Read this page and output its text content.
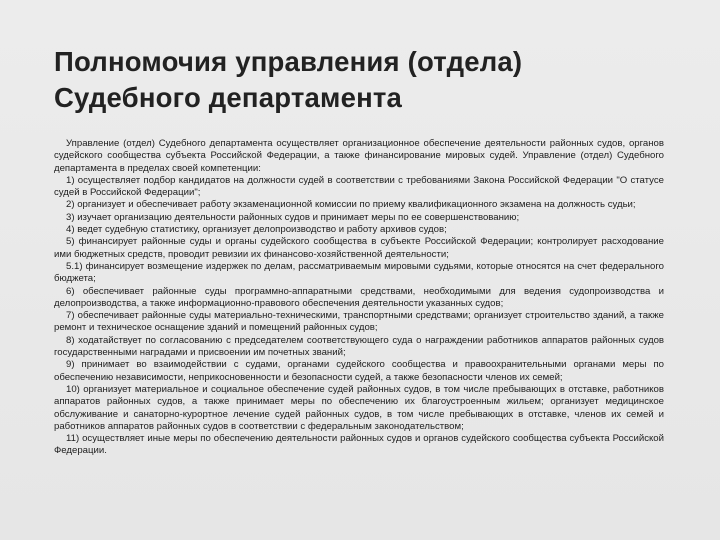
Полномочия управления (отдела)
Судебного департамента

Управление (отдел) Судебного департамента осуществляет организационное обеспечение деятельности районных судов, органов судейского сообщества субъекта Российской Федерации, а также финансирование мировых судей. Управление (отдел) Судебного департамента в пределах своей компетенции:

1) осуществляет подбор кандидатов на должности судей в соответствии с требованиями Закона Российской Федерации "О статусе судей в Российской Федерации";

2) организует и обеспечивает работу экзаменационной комиссии по приему квалификационного экзамена на должность судьи;

3) изучает организацию деятельности районных судов и принимает меры по ее совершенствованию;

4) ведет судебную статистику, организует делопроизводство и работу архивов судов;

5) финансирует районные суды и органы судейского сообщества в субъекте Российской Федерации; контролирует расходование ими бюджетных средств, проводит ревизии их финансово-хозяйственной деятельности;

5.1) финансирует возмещение издержек по делам, рассматриваемым мировыми судьями, которые относятся на счет федерального бюджета;

6) обеспечивает районные суды программно-аппаратными средствами, необходимыми для ведения судопроизводства и делопроизводства, а также информационно-правового обеспечения деятельности указанных судов;

7) обеспечивает районные суды материально-техническими, транспортными средствами; организует строительство зданий, а также ремонт и техническое оснащение зданий и помещений районных судов;

8) ходатайствует по согласованию с председателем соответствующего суда о награждении работников аппаратов районных судов государственными наградами и присвоении им почетных званий;

9) принимает во взаимодействии с судами, органами судейского сообщества и правоохранительными органами меры по обеспечению независимости, неприкосновенности и безопасности судей, а также безопасности членов их семей;

10) организует материальное и социальное обеспечение судей районных судов, в том числе пребывающих в отставке, работников аппаратов районных судов, а также принимает меры по обеспечению их благоустроенным жильем; организует медицинское обслуживание и санаторно-курортное лечение судей районных судов, в том числе пребывающих в отставке, членов их семей и работников аппаратов районных судов в соответствии с федеральным законодательством;

11) осуществляет иные меры по обеспечению деятельности районных судов и органов судейского сообщества субъекта Российской Федерации.
